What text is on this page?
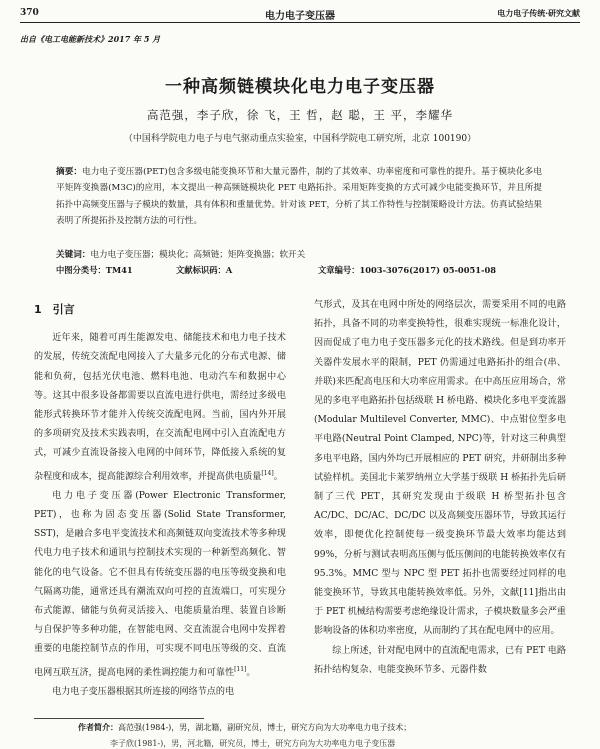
370	电力电子变压器	电力电子传统·研究文献
出自《电工电能新技术》2017 年 5 月
一种高频链模块化电力电子变压器
高范强，李子欣，徐 飞，王 哲，赵 聪，王 平，李耀华
（中国科学院电力电子与电气驱动重点实验室，中国科学院电工研究所，北京 100190）
摘要：电力电子变压器(PET)包含多级电能变换环节和大量元器件，制约了其效率、功率密度和可靠性的提升。基于模块化多电平矩阵变换器(M3C)的应用，本文提出一种高频链模块化 PET 电路拓扑。采用矩阵变换的方式可减少电能变换环节，并且所提拓扑中高频变压器与子模块的数量，具有体积和重量优势。针对该 PET，分析了其工作特性与控制策略设计方法。仿真试验结果表明了所提拓扑及控制方法的可行性。
关键词：电力电子变压器；模块化；高频链；矩阵变换器；软开关
中图分类号：TM41	文献标识码：A	文章编号：1003-3076(2017) 05-0051-08
1　引言

近年来，随着可再生能源发电、储能技术和电力电子技术的发展，传统交流配电网接入了大量多元化的分布式电源、储能和负荷，包括光伏电池、燃料电池、电动汽车和数据中心等。这其中很多设备都需要以直流电进行供电，需经过多级电能形式转换环节才能并入传统交流配电网。当前，国内外开展的多项研究及技术实践表明，在交流配电网中引入直流配电方式，可减少直流设备接入电网的中间环节，降低接入系统的复杂程度和成本，提高能源综合利用效率，并提高供电质量[14]。

电力电子变压器(Power Electronic Transformer, PET)，也称为固态变压器(Solid State Transformer, SST)，是融合多电平变流技术和高频链双向变流技术等多种现代电力电子技术和通讯与控制技术实现的一种新型高频化、智能化的电气设备。它不但具有传统变压器的电压等级变换和电气隔离功能，通常还具有潮流双向可控的直流端口，可实现分布式能源、储能与负荷灵活接入、电能质量治理、装置自诊断与自保护等多种功能，在智能电网、交直流混合电网中发挥着重要的电能控制节点的作用，可实现不同电压等级的交、直流电网互联互济，提高电网的柔性调控能力和可靠性[11]。

电力电子变压器根据其所连接的网络节点的电

气形式，及其在电网中所处的网络层次，需要采用不同的电路拓扑，具备不同的功率变换特性，很难实现统一标准化设计，因而促成了电力电子变压器多元化的技术路线。但是到功率开关器件发展水平的限制，PET 仍需通过电路拓扑的组合(串、并联)来匹配高电压和大功率应用需求。在中高压应用场合，常见的多电平电路拓扑包括级联 H 桥电路、模块化多电平变流器(Modular Multilevel Converter, MMC)、中点钳位型多电平电路(Neutral Point Clamped, NPC)等，针对这三种典型多电平电路，国内外均已开展相应的 PET 研究，并研制出多种试验样机。美国北卡莱罗纳州立大学基于级联 H 桥拓扑先后研制了三代 PET，其研究发现由于级联 H 桥型拓扑包含 AC/DC、DC/AC、DC/DC 以及高频变压器环节，导致其运行效率，即便优化控制使每一级变换环节最大效率均能达到 99%，分析与测试表明高压侧与低压侧间的电能转换效率仅有 95.3%。MMC 型与 NPC 型 PET 拓扑也需要经过同样的电能变换环节，导致其电能转换效率低。另外，文献[11]指出由于 PET 机械结构需要考虑绝缘设计需求，子模块数量多会严重影响设备的体积功率密度，从而制约了其在配电网中的应用。

综上所述，针对配电网中的直流配电需求，已有 PET 电路拓扑结构复杂、电能变换环节多、元器件数

作者简介：高范强(1984-)，男，湖北籍，副研究员，博士，研究方向为大功率电力电子技术；
李子欣(1981-)，男，河北籍，研究员，博士，研究方向为大功率电力电子变压器
